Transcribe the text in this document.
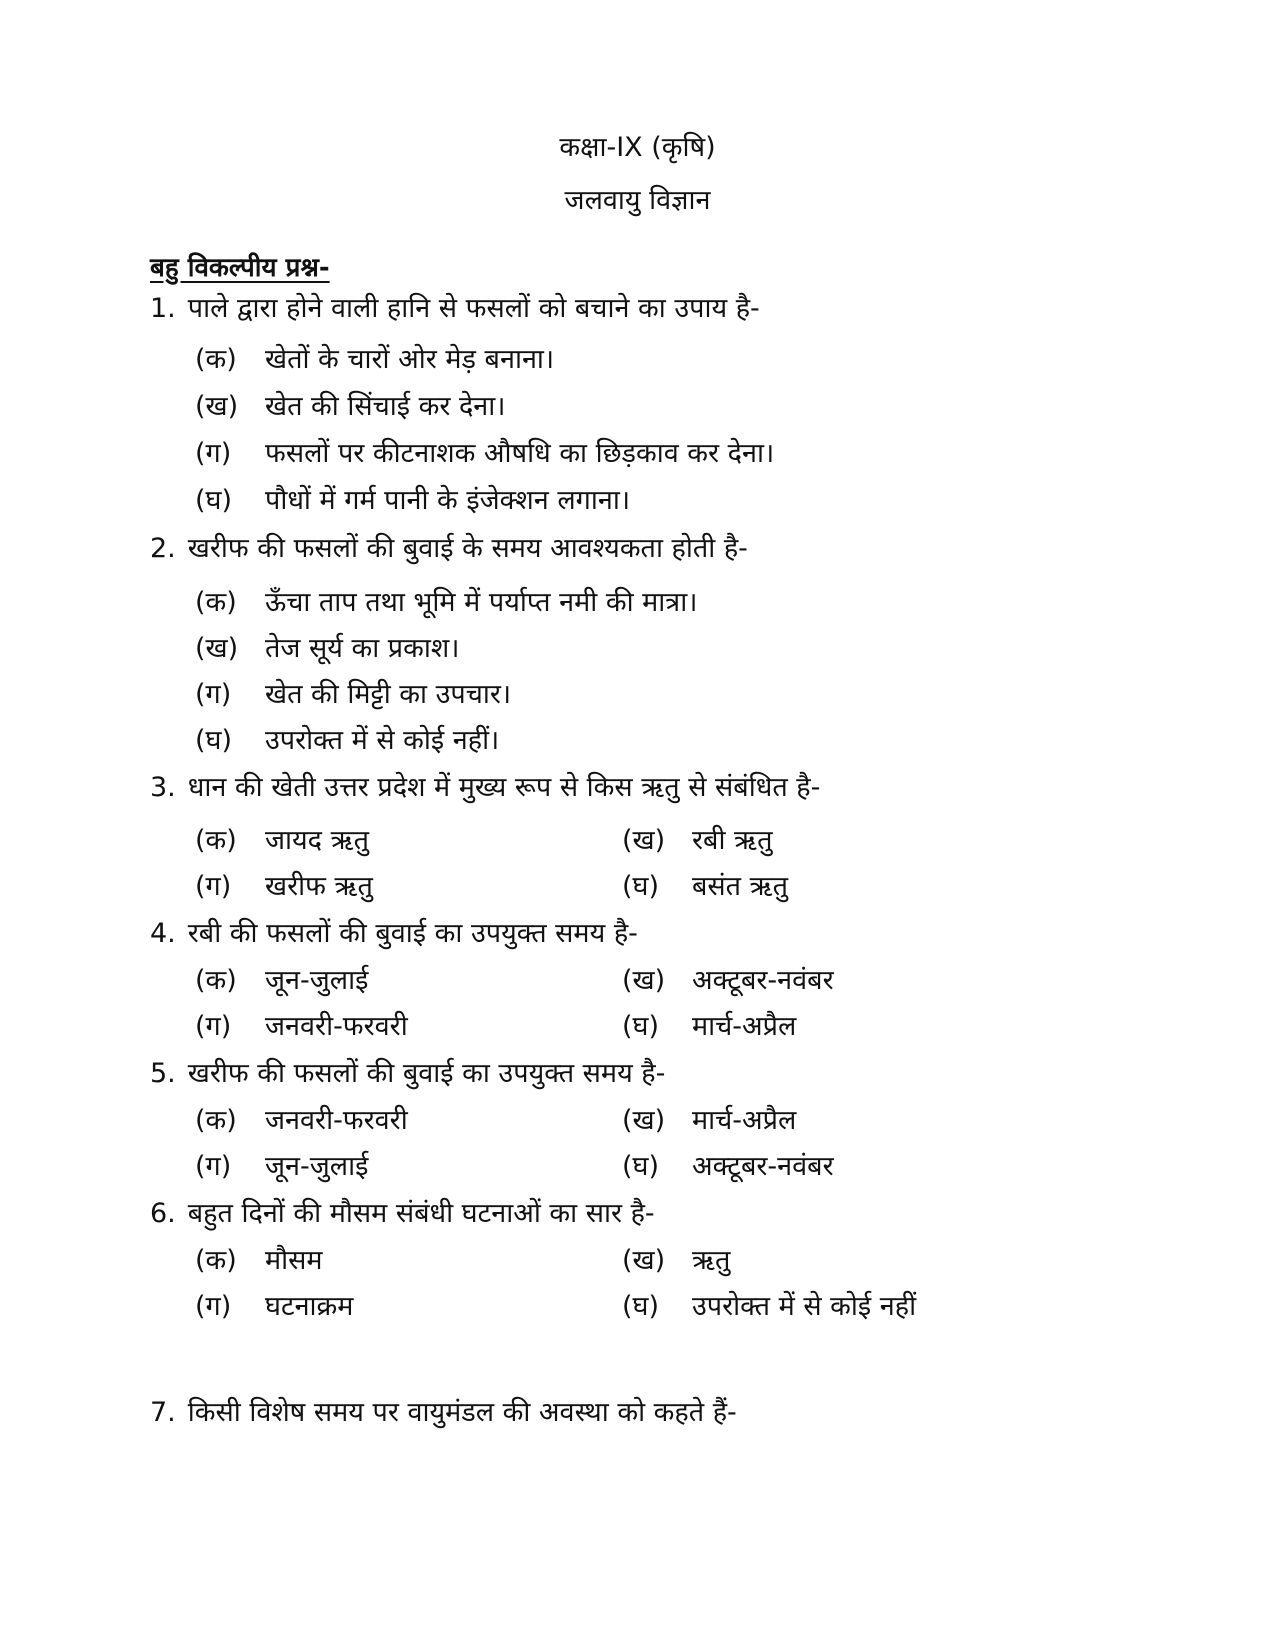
कक्षा-IX (कृषि)
जलवायु विज्ञान
बहु विकल्पीय प्रश्न-
1. पाले द्वारा होने वाली हानि से फसलों को बचाने का उपाय है-
(क) खेतों के चारों ओर मेड़ बनाना।
(ख) खेत की सिंचाई कर देना।
(ग) फसलों पर कीटनाशक औषधि का छिड़काव कर देना।
(घ) पौधों में गर्म पानी के इंजेक्शन लगाना।
2. खरीफ की फसलों की बुवाई के समय आवश्यकता होती है-
(क) ऊँचा ताप तथा भूमि में पर्याप्त नमी की मात्रा।
(ख) तेज सूर्य का प्रकाश।
(ग) खेत की मिट्टी का उपचार।
(घ) उपरोक्त में से कोई नहीं।
3. धान की खेती उत्तर प्रदेश में मुख्य रूप से किस ऋतु से संबंधित है-
(क) जायद ऋतु	(ख) रबी ऋतु
(ग) खरीफ ऋतु	(घ) बसंत ऋतु
4. रबी की फसलों की बुवाई का उपयुक्त समय है-
(क) जून-जुलाई	(ख) अक्टूबर-नवंबर
(ग) जनवरी-फरवरी	(घ) मार्च-अप्रैल
5. खरीफ की फसलों की बुवाई का उपयुक्त समय है-
(क) जनवरी-फरवरी	(ख) मार्च-अप्रैल
(ग) जून-जुलाई	(घ) अक्टूबर-नवंबर
6. बहुत दिनों की मौसम संबंधी घटनाओं का सार है-
(क) मौसम	(ख) ऋतु
(ग) घटनाक्रम	(घ) उपरोक्त में से कोई नहीं
7. किसी विशेष समय पर वायुमंडल की अवस्था को कहते हैं-
